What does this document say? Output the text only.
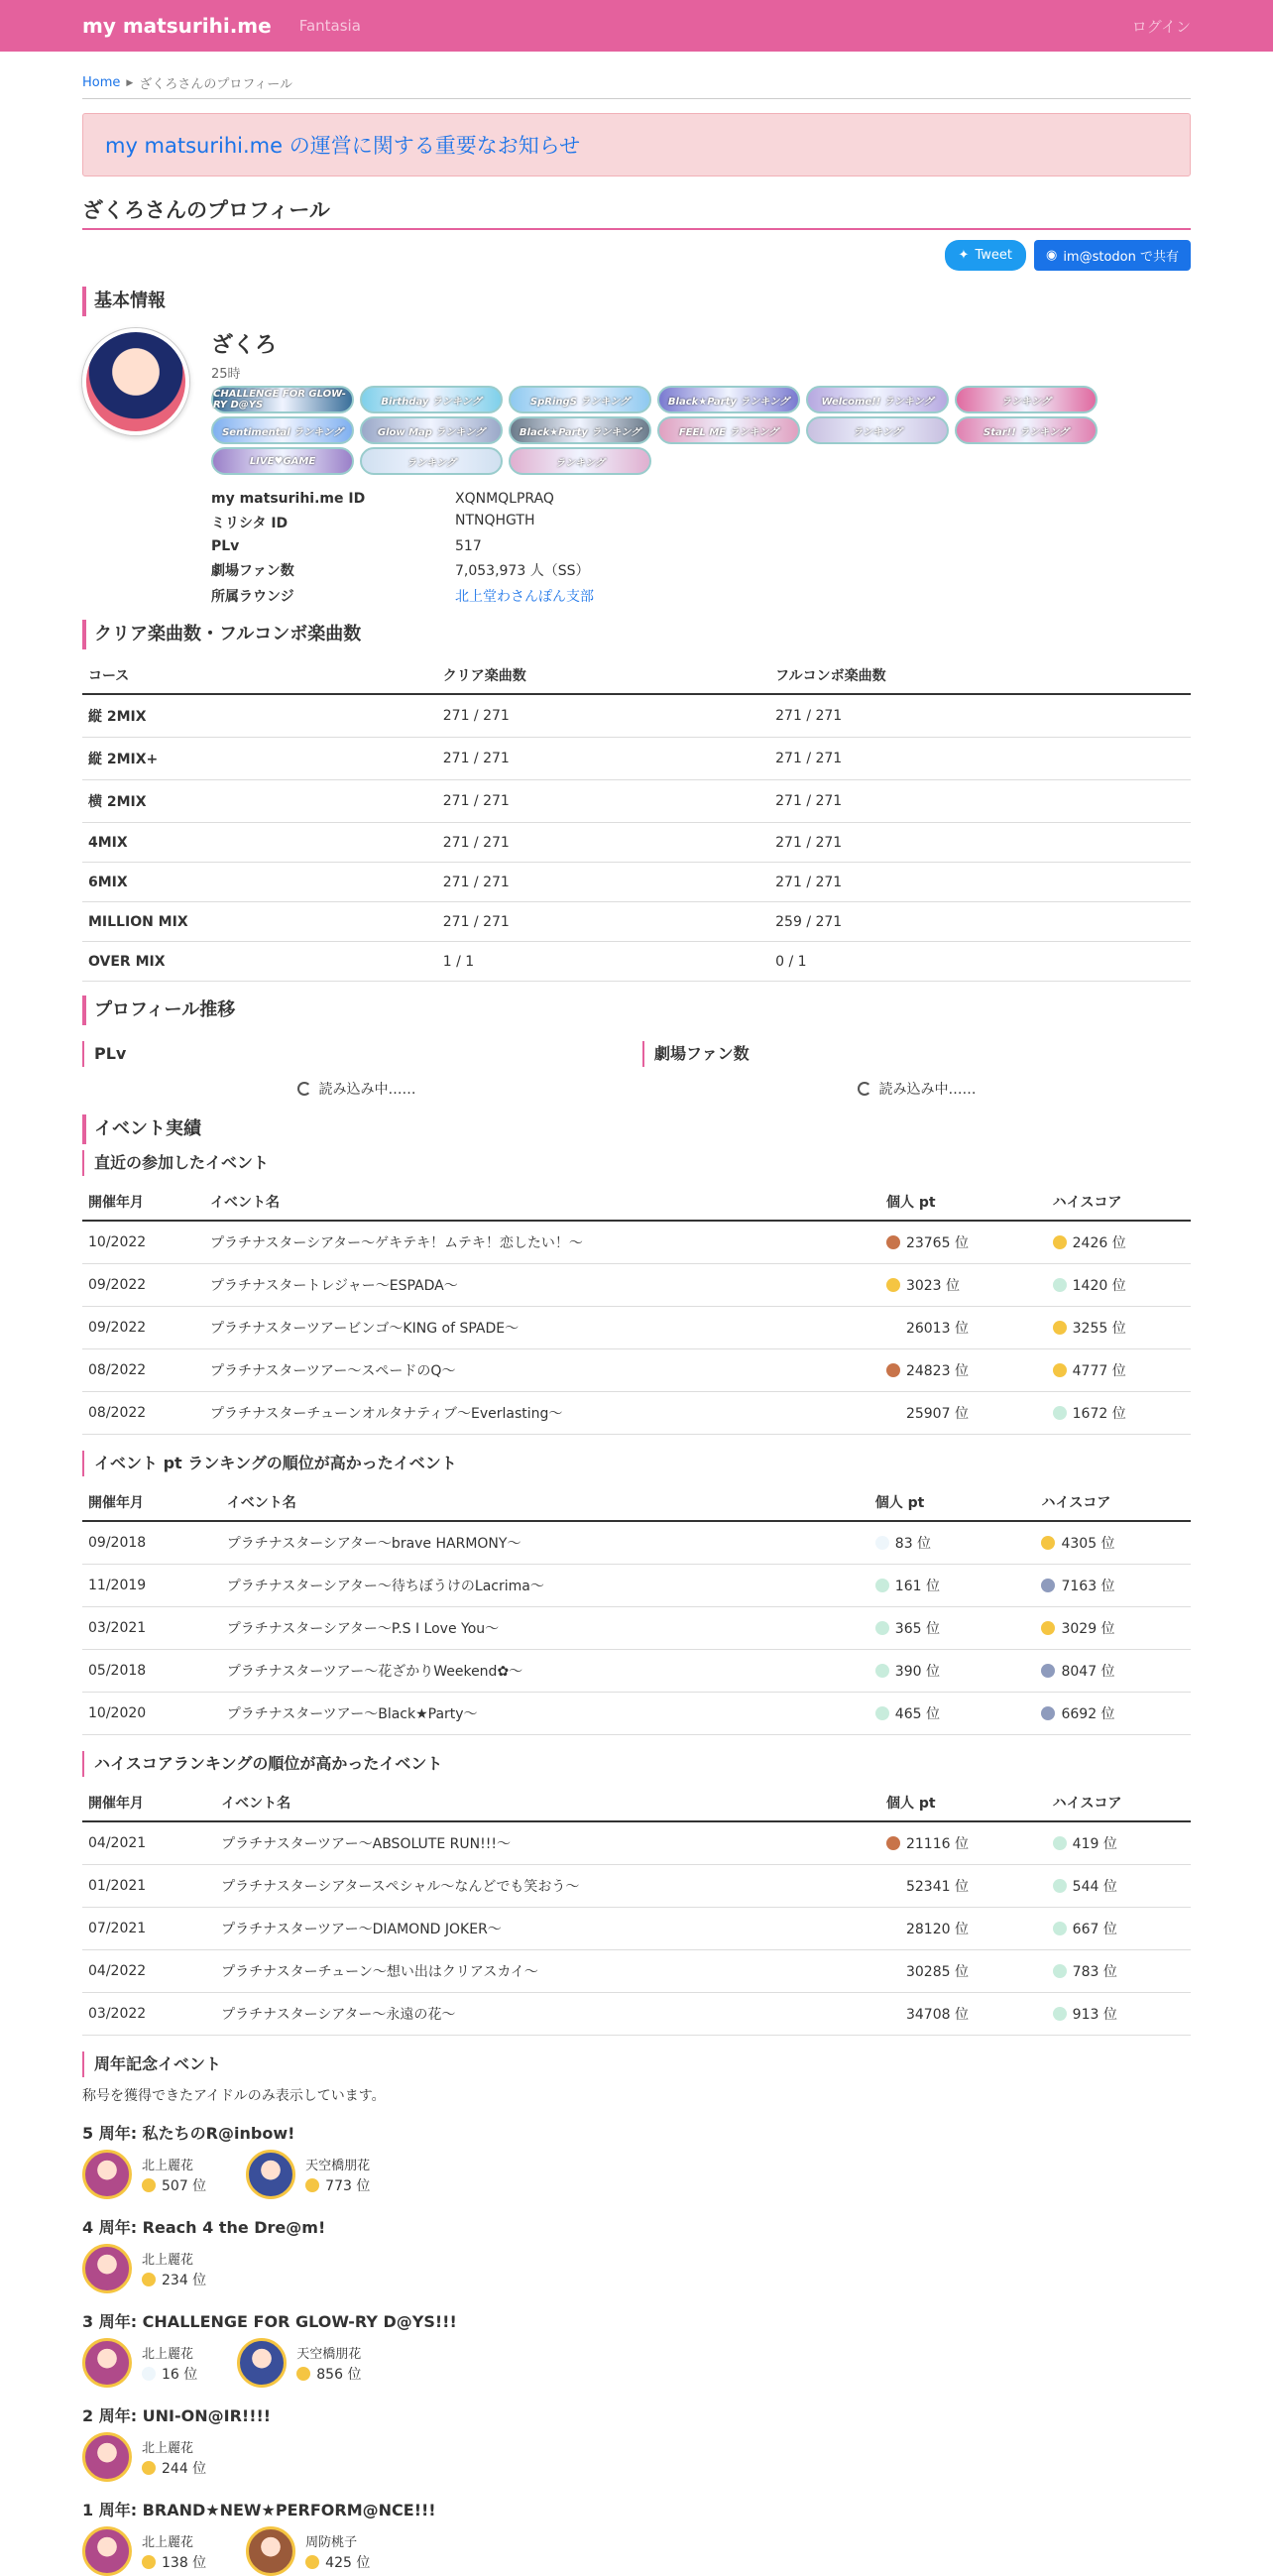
my matsurihi.me Fantasia	ログイン
Home ▶ ざくろさんのプロフィール
my matsurihi.me の運営に関する重要なお知らせ
ざくろさんのプロフィール
✦ Tweet	◉ im@stodon で共有
基本情報
ざくろ
25時
CHALLENGE FOR GLOW-RY D@YS	Birthday ランキング	SpRingS ランキング	Black★Party ランキング	Welcome!! ランキング	ランキング
Sentimental ランキング	Glow Map ランキング	Black★Party ランキング	FEEL ME ランキング	ランキング	Star!! ランキング
LIVE♥GAME	ランキング	ランキング
my matsurihi.me ID	XQNMQLPRAQ
ミリシタ ID	NTNQHGTH
PLv	517
劇場ファン数	7,053,973 人（SS）
所属ラウンジ	北上堂わさんぽん支部
クリア楽曲数・フルコンボ楽曲数
コース	クリア楽曲数	フルコンボ楽曲数
縦 2MIX	271 / 271	271 / 271
縦 2MIX+	271 / 271	271 / 271
横 2MIX	271 / 271	271 / 271
4MIX	271 / 271	271 / 271
6MIX	271 / 271	271 / 271
MILLION MIX	271 / 271	259 / 271
OVER MIX	1 / 1	0 / 1
プロフィール推移
PLv
読み込み中……
劇場ファン数
読み込み中……
イベント実績
直近の参加したイベント
開催年月	イベント名	個人 pt	ハイスコア
10/2022	プラチナスターシアター〜ゲキテキ！ムテキ！恋したい！〜	23765 位	2426 位
09/2022	プラチナスタートレジャー〜ESPADA〜	3023 位	1420 位
09/2022	プラチナスターツアービンゴ〜KING of SPADE〜	26013 位	3255 位
08/2022	プラチナスターツアー〜スペードのQ〜	24823 位	4777 位
08/2022	プラチナスターチューンオルタナティブ〜Everlasting〜	25907 位	1672 位
イベント pt ランキングの順位が高かったイベント
開催年月	イベント名	個人 pt	ハイスコア
09/2018	プラチナスターシアター〜brave HARMONY〜	83 位	4305 位
11/2019	プラチナスターシアター〜待ちぼうけのLacrima〜	161 位	7163 位
03/2021	プラチナスターシアター〜P.S I Love You〜	365 位	3029 位
05/2018	プラチナスターツアー〜花ざかりWeekend✿〜	390 位	8047 位
10/2020	プラチナスターツアー〜Black★Party〜	465 位	6692 位
ハイスコアランキングの順位が高かったイベント
開催年月	イベント名	個人 pt	ハイスコア
04/2021	プラチナスターツアー〜ABSOLUTE RUN!!!〜	21116 位	419 位
01/2021	プラチナスターシアタースペシャル〜なんどでも笑おう〜	52341 位	544 位
07/2021	プラチナスターツアー〜DIAMOND JOKER〜	28120 位	667 位
04/2022	プラチナスターチューン〜想い出はクリアスカイ〜	30285 位	783 位
03/2022	プラチナスターシアター〜永遠の花〜	34708 位	913 位
周年記念イベント
称号を獲得できたアイドルのみ表示しています。
5 周年: 私たちのR@inbow!
北上麗花
507 位
天空橋朋花
773 位
4 周年: Reach 4 the Dre@m!
北上麗花
234 位
3 周年: CHALLENGE FOR GLOW-RY D@YS!!!
北上麗花
16 位
天空橋朋花
856 位
2 周年: UNI-ON@IR!!!!
北上麗花
244 位
1 周年: BRAND★NEW★PERFORM@NCE!!!
北上麗花
138 位
周防桃子
425 位
